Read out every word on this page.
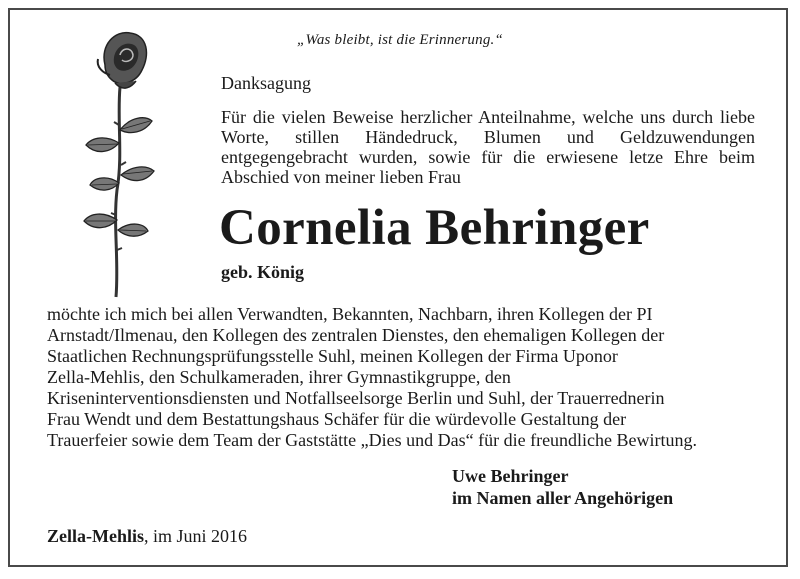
„Was bleibt, ist die Erinnerung.“
Danksagung
Für die vielen Beweise herzlicher Anteilnahme, welche uns durch liebe Worte, stillen Händedruck, Blumen und Geldzuwendungen entgegengebracht wurden, sowie für die erwiesene letze Ehre beim Abschied von meiner lieben Frau
Cornelia Behringer
geb. König
möchte ich mich bei allen Verwandten, Bekannten, Nachbarn, ihren Kollegen der PI
Arnstadt/Ilmenau, den Kollegen des zentralen Dienstes, den ehemaligen Kollegen der
Staatlichen Rechnungsprüfungsstelle Suhl, meinen Kollegen der Firma Uponor
Zella-Mehlis, den Schulkameraden, ihrer Gymnastikgruppe, den
Kriseninterventionsdiensten und Notfallseelsorge Berlin und Suhl, der Trauerrednerin
Frau Wendt und dem Bestattungshaus Schäfer für die würdevolle Gestaltung der
Trauerfeier sowie dem Team der Gaststätte „Dies und Das“ für die freundliche Bewirtung.
Uwe Behringer
im Namen aller Angehörigen
Zella-Mehlis, im Juni 2016
